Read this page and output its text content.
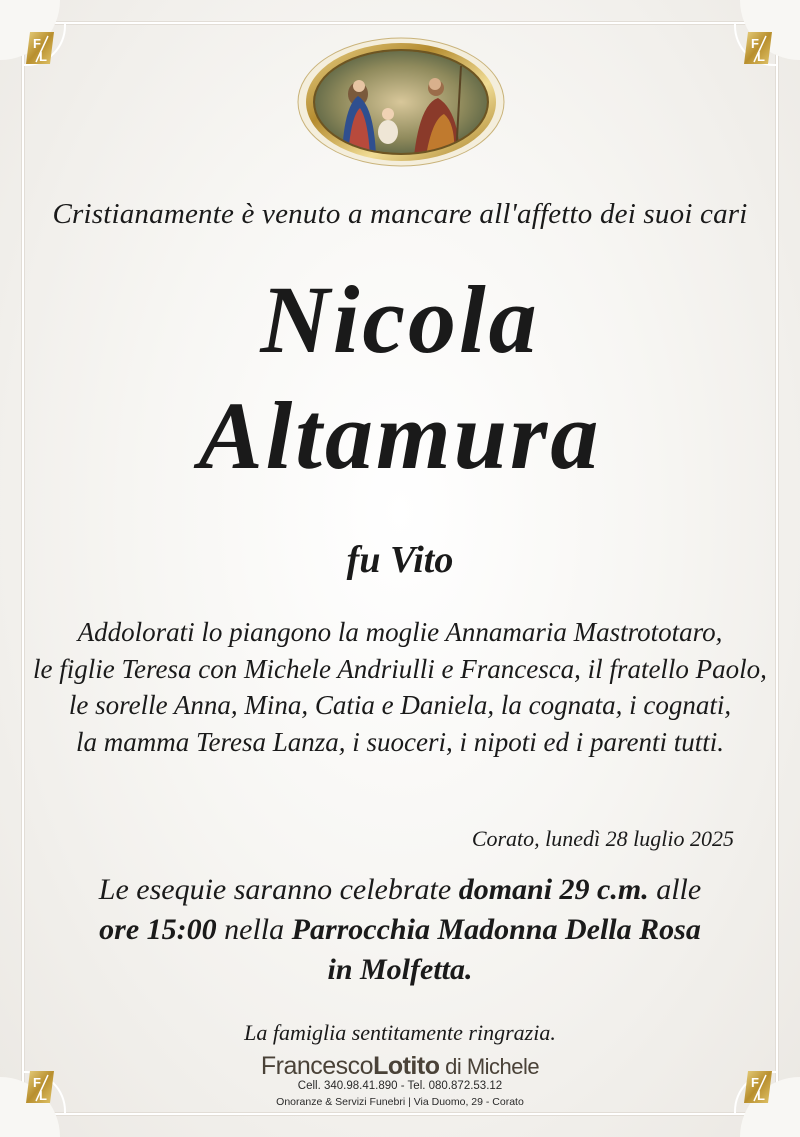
F
L
F
L
F
L
F
L
Cristianamente è venuto a mancare all'affetto dei suoi cari
Nicola
Altamura
fu Vito
Addolorati lo piangono la moglie Annamaria Mastrototaro,
le figlie Teresa con Michele Andriulli e Francesca, il fratello Paolo,
le sorelle Anna, Mina, Catia e Daniela, la cognata, i cognati,
la mamma Teresa Lanza, i suoceri, i nipoti ed i parenti tutti.
Corato, lunedì 28 luglio 2025
Le esequie saranno celebrate domani 29 c.m. alle
ore 15:00 nella Parrocchia Madonna Della Rosa
in Molfetta.
La famiglia sentitamente ringrazia.
FrancescoLotito di Michele
Cell. 340.98.41.890 - Tel. 080.872.53.12
Onoranze & Servizi Funebri | Via Duomo, 29 - Corato
